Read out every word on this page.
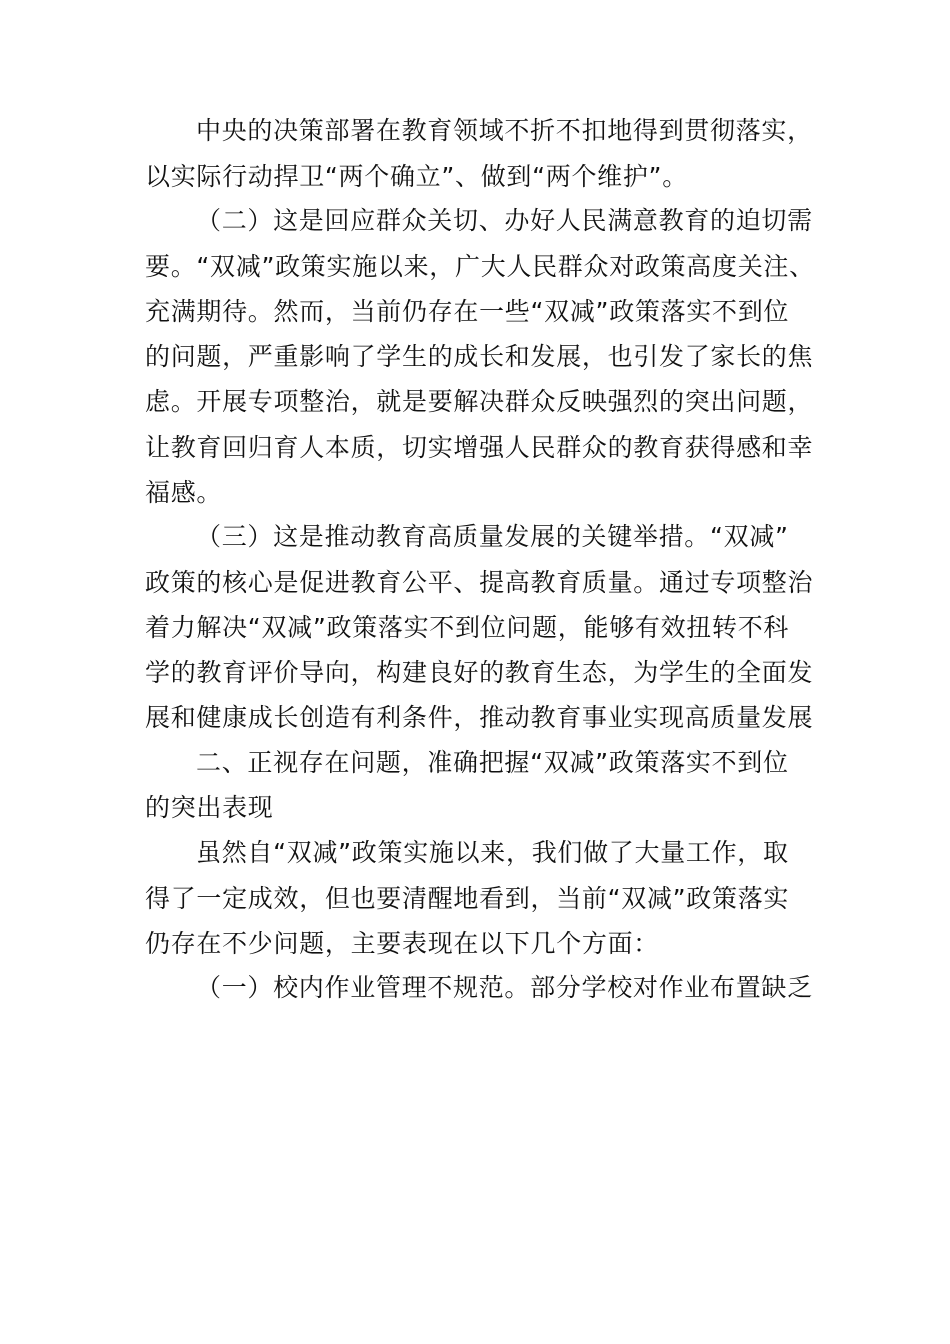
中央的决策部署在教育领域不折不扣地得到贯彻落实，
以实际行动捍卫“两个确立”、做到“两个维护”。
（二）这是回应群众关切、办好人民满意教育的迫切需
要。“双减”政策实施以来，广大人民群众对政策高度关注、
充满期待。然而，当前仍存在一些“双减”政策落实不到位
的问题，严重影响了学生的成长和发展，也引发了家长的焦
虑。开展专项整治，就是要解决群众反映强烈的突出问题，
让教育回归育人本质，切实增强人民群众的教育获得感和幸
福感。
（三）这是推动教育高质量发展的关键举措。“双减”
政策的核心是促进教育公平、提高教育质量。通过专项整治
着力解决“双减”政策落实不到位问题，能够有效扭转不科
学的教育评价导向，构建良好的教育生态，为学生的全面发
展和健康成长创造有利条件，推动教育事业实现高质量发展
二、正视存在问题，准确把握“双减”政策落实不到位
的突出表现
虽然自“双减”政策实施以来，我们做了大量工作，取
得了一定成效，但也要清醒地看到，当前“双减”政策落实
仍存在不少问题，主要表现在以下几个方面：
（一）校内作业管理不规范。部分学校对作业布置缺乏
